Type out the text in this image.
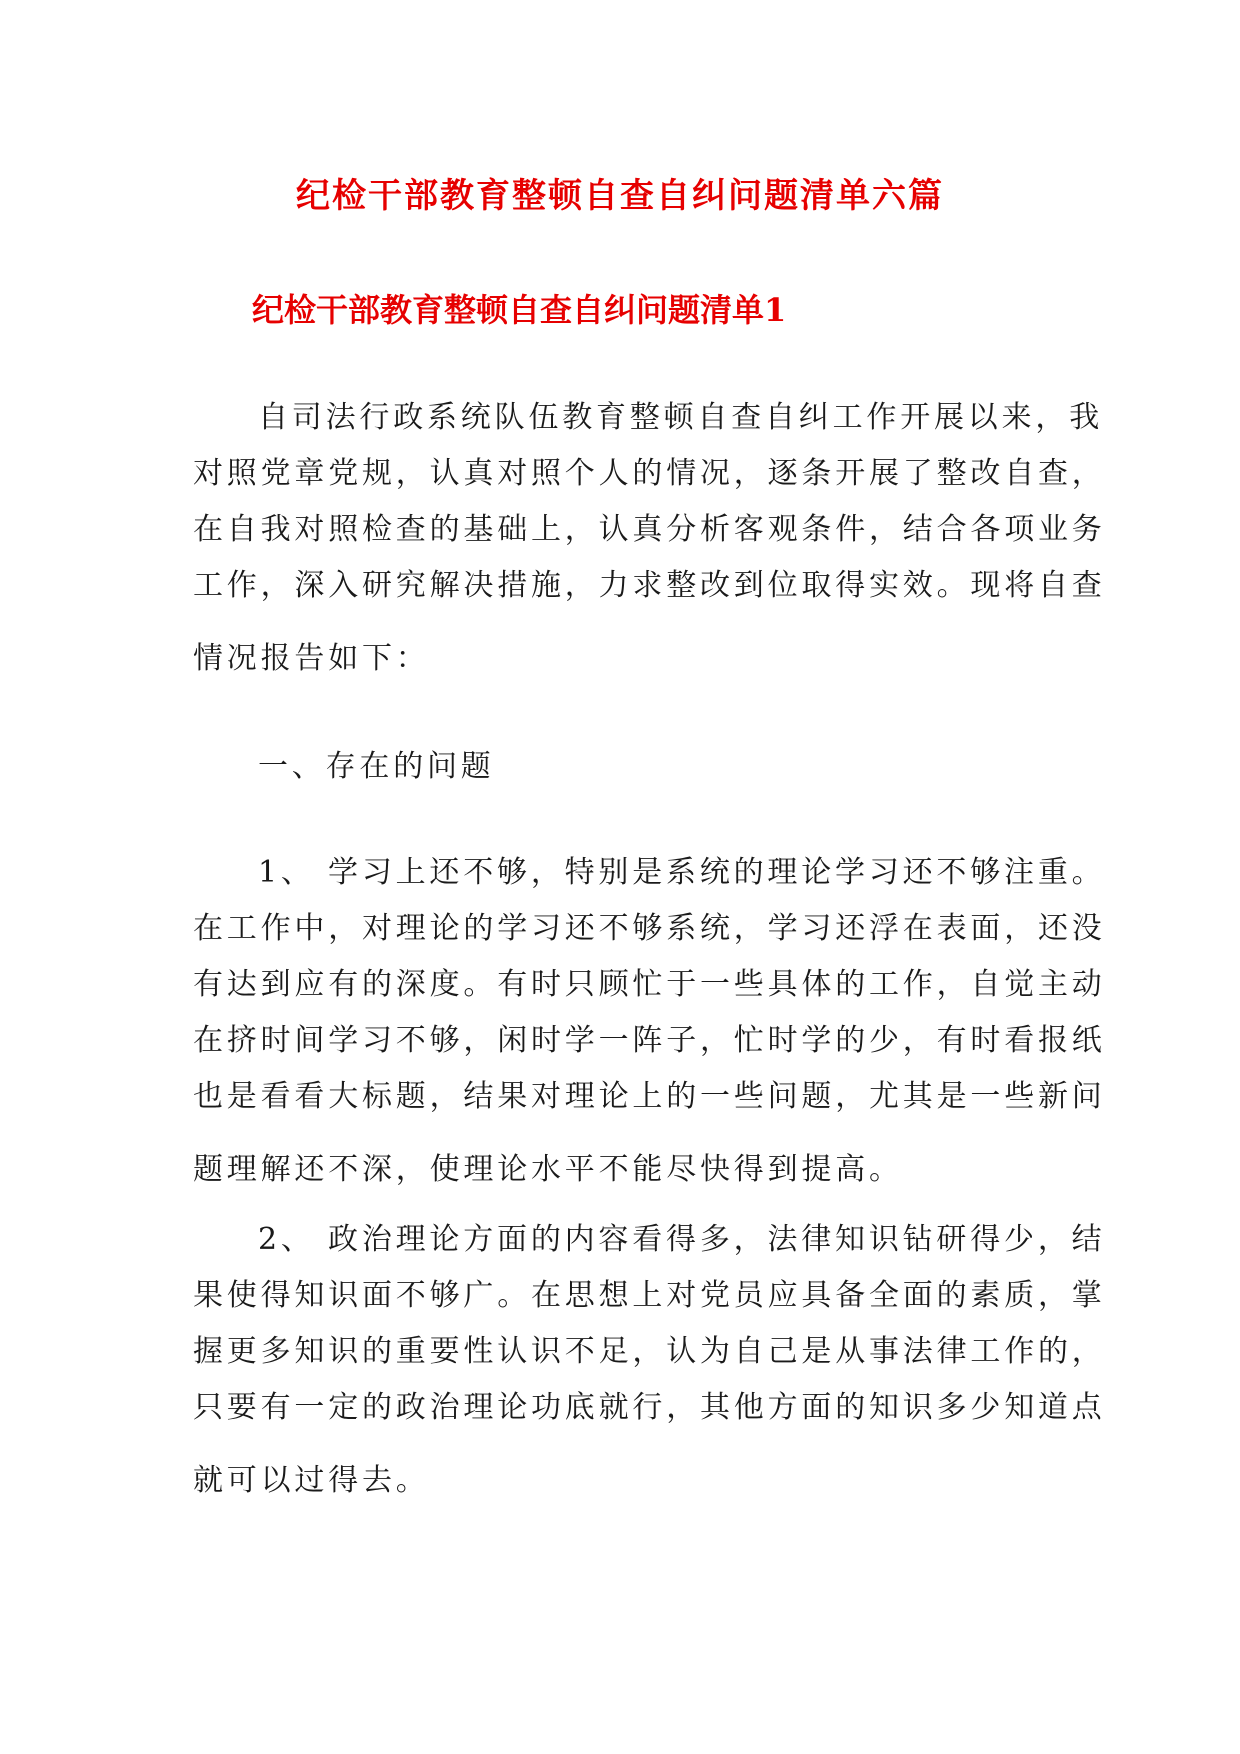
纪检干部教育整顿自查自纠问题清单六篇
纪检干部教育整顿自查自纠问题清单1
自司法行政系统队伍教育整顿自查自纠工作开展以来，我
对照党章党规，认真对照个人的情况，逐条开展了整改自查，
在自我对照检查的基础上，认真分析客观条件，结合各项业务
工作，深入研究解决措施，力求整改到位取得实效。现将自查
情况报告如下：
一、存在的问题
1、 学习上还不够，特别是系统的理论学习还不够注重。
在工作中，对理论的学习还不够系统，学习还浮在表面，还没
有达到应有的深度。有时只顾忙于一些具体的工作，自觉主动
在挤时间学习不够，闲时学一阵子，忙时学的少，有时看报纸
也是看看大标题，结果对理论上的一些问题，尤其是一些新问
题理解还不深，使理论水平不能尽快得到提高。
2、 政治理论方面的内容看得多，法律知识钻研得少，结
果使得知识面不够广。在思想上对党员应具备全面的素质，掌
握更多知识的重要性认识不足，认为自己是从事法律工作的，
只要有一定的政治理论功底就行，其他方面的知识多少知道点
就可以过得去。
